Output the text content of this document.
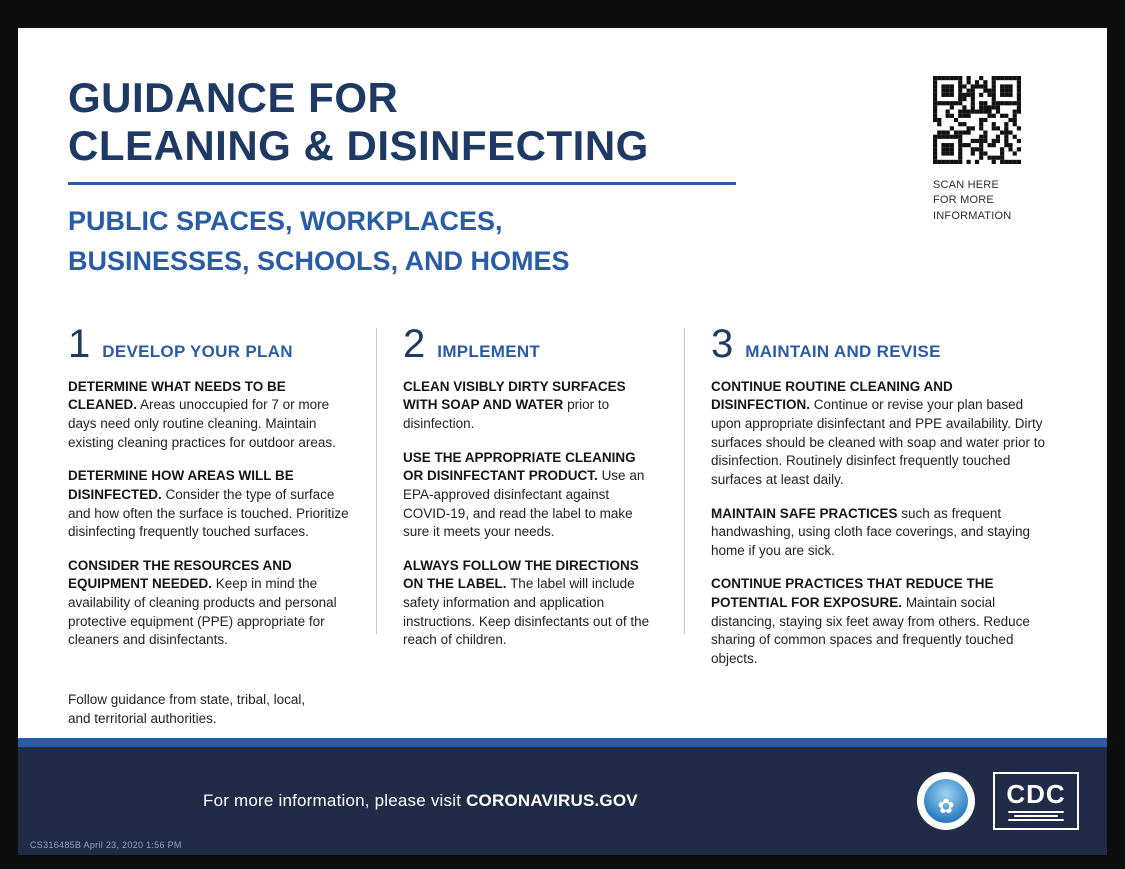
GUIDANCE FOR
CLEANING & DISINFECTING
PUBLIC SPACES, WORKPLACES, BUSINESSES, SCHOOLS, AND HOMES
SCAN HERE
FOR MORE
INFORMATION
1 DEVELOP YOUR PLAN

DETERMINE WHAT NEEDS TO BE CLEANED. Areas unoccupied for 7 or more days need only routine cleaning. Maintain existing cleaning practices for outdoor areas.

DETERMINE HOW AREAS WILL BE DISINFECTED. Consider the type of surface and how often the surface is touched. Prioritize disinfecting frequently touched surfaces.

CONSIDER THE RESOURCES AND EQUIPMENT NEEDED. Keep in mind the availability of cleaning products and personal protective equipment (PPE) appropriate for cleaners and disinfectants.

Follow guidance from state, tribal, local, and territorial authorities.

2 IMPLEMENT

CLEAN VISIBLY DIRTY SURFACES WITH SOAP AND WATER prior to disinfection.

USE THE APPROPRIATE CLEANING OR DISINFECTANT PRODUCT. Use an EPA-approved disinfectant against COVID-19, and read the label to make sure it meets your needs.

ALWAYS FOLLOW THE DIRECTIONS ON THE LABEL. The label will include safety information and application instructions. Keep disinfectants out of the reach of children.

3 MAINTAIN AND REVISE

CONTINUE ROUTINE CLEANING AND DISINFECTION. Continue or revise your plan based upon appropriate disinfectant and PPE availability. Dirty surfaces should be cleaned with soap and water prior to disinfection. Routinely disinfect frequently touched surfaces at least daily.

MAINTAIN SAFE PRACTICES such as frequent handwashing, using cloth face coverings, and staying home if you are sick.

CONTINUE PRACTICES THAT REDUCE THE POTENTIAL FOR EXPOSURE. Maintain social distancing, staying six feet away from others. Reduce sharing of common spaces and frequently touched objects.

For more information, please visit CORONAVIRUS.GOV	✿ CDC
CS316485B April 23, 2020 1:56 PM
